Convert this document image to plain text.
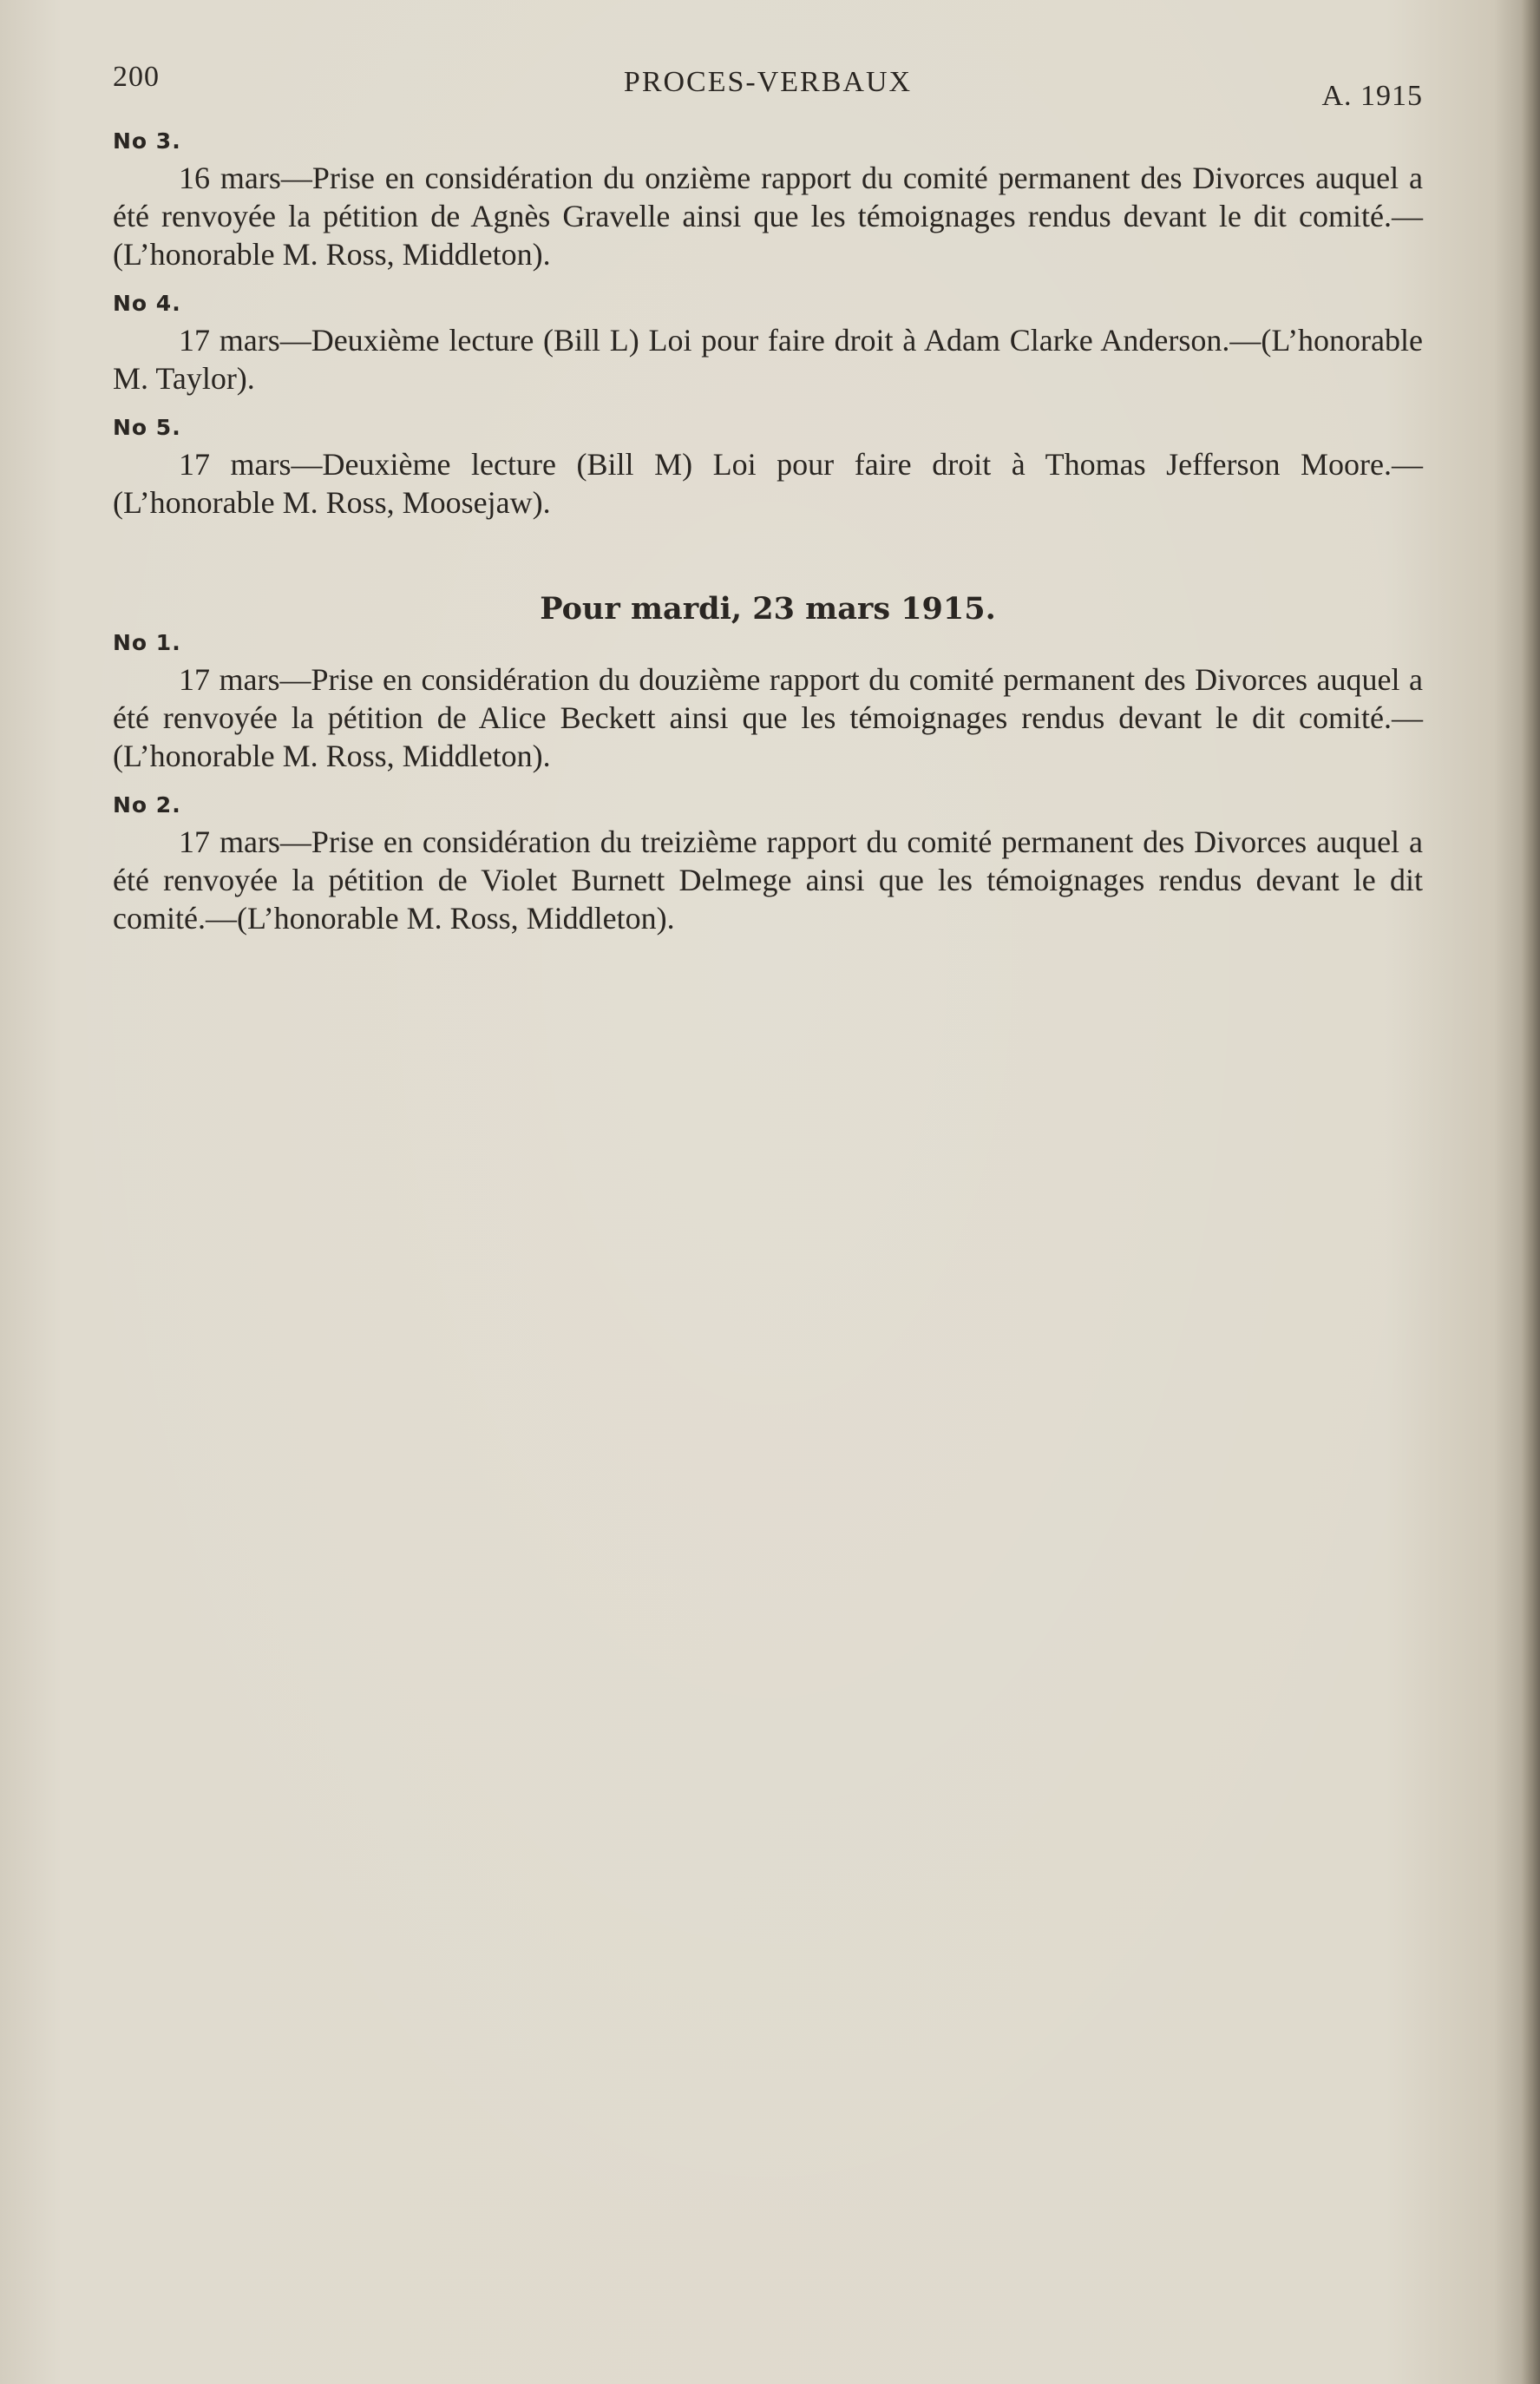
200	PROCES-VERBAUX	A. 1915
No 3.

16 mars—Prise en considération du onzième rapport du comité permanent des Divorces auquel a été renvoyée la pétition de Agnès Gravelle ainsi que les témoignages rendus devant le dit comité.—(L’honorable M. Ross, Middleton).

No 4.

17 mars—Deuxième lecture (Bill L) Loi pour faire droit à Adam Clarke Anderson.—(L’honorable M. Taylor).

No 5.

17 mars—Deuxième lecture (Bill M) Loi pour faire droit à Thomas Jefferson Moore.—(L’honorable M. Ross, Moosejaw).

Pour mardi, 23 mars 1915.
No 1.

17 mars—Prise en considération du douzième rapport du comité permanent des Divorces auquel a été renvoyée la pétition de Alice Beckett ainsi que les témoignages rendus devant le dit comité.—(L’honorable M. Ross, Middleton).

No 2.

17 mars—Prise en considération du treizième rapport du comité permanent des Divorces auquel a été renvoyée la pétition de Violet Burnett Delmege ainsi que les témoignages rendus devant le dit comité.—(L’honorable M. Ross, Middleton).
